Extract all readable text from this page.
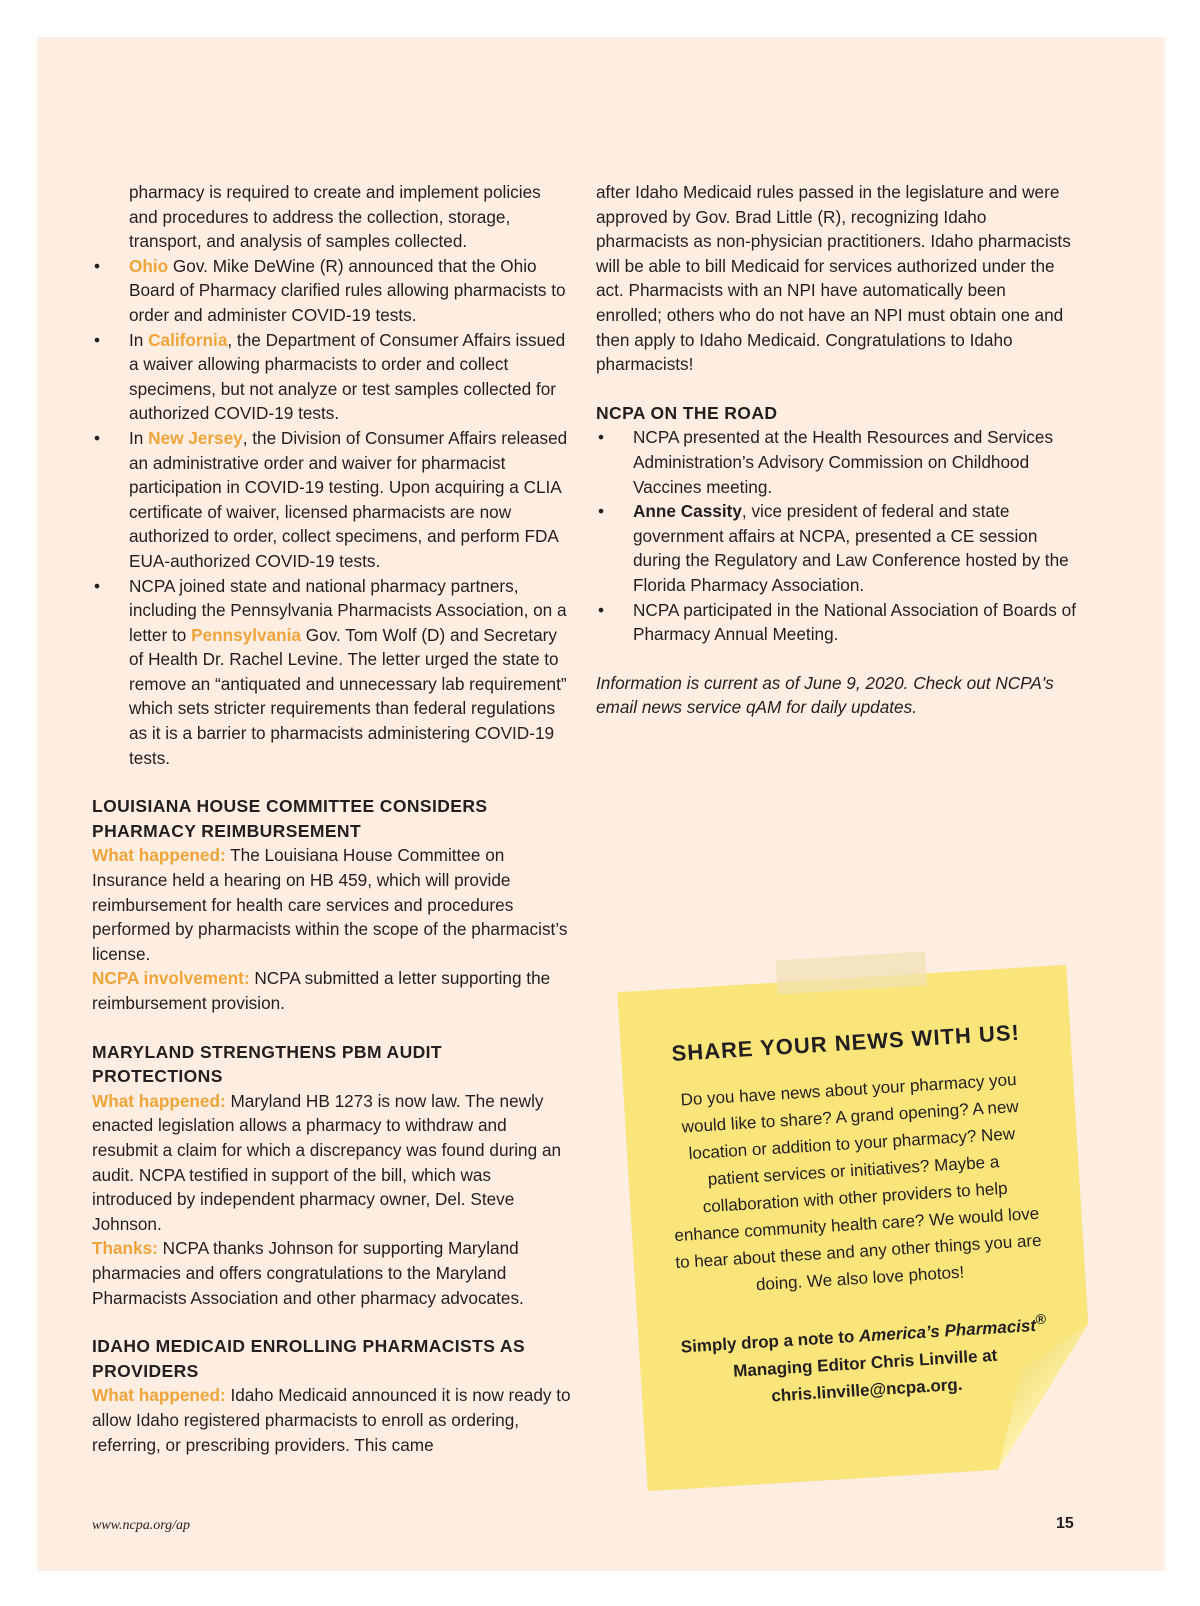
pharmacy is required to create and implement policies and procedures to address the collection, storage, transport, and analysis of samples collected.

• Ohio Gov. Mike DeWine (R) announced that the Ohio Board of Pharmacy clarified rules allowing pharmacists to order and administer COVID-19 tests.
• In California, the Department of Consumer Affairs issued a waiver allowing pharmacists to order and collect specimens, but not analyze or test samples collected for authorized COVID-19 tests.
• In New Jersey, the Division of Consumer Affairs released an administrative order and waiver for pharmacist participation in COVID-19 testing. Upon acquiring a CLIA certificate of waiver, licensed pharmacists are now authorized to order, collect specimens, and perform FDA EUA-authorized COVID-19 tests.
• NCPA joined state and national pharmacy partners, including the Pennsylvania Pharmacists Association, on a letter to Pennsylvania Gov. Tom Wolf (D) and Secretary of Health Dr. Rachel Levine. The letter urged the state to remove an “antiquated and unnecessary lab requirement” which sets stricter requirements than federal regulations as it is a barrier to pharmacists administering COVID-19 tests.
LOUISIANA HOUSE COMMITTEE CONSIDERS PHARMACY REIMBURSEMENT

What happened: The Louisiana House Committee on Insurance held a hearing on HB 459, which will provide reimbursement for health care services and procedures performed by pharmacists within the scope of the pharmacist’s license.

NCPA involvement: NCPA submitted a letter supporting the reimbursement provision.

MARYLAND STRENGTHENS PBM AUDIT PROTECTIONS

What happened: Maryland HB 1273 is now law. The newly enacted legislation allows a pharmacy to withdraw and resubmit a claim for which a discrepancy was found during an audit. NCPA testified in support of the bill, which was introduced by independent pharmacy owner, Del. Steve Johnson.

Thanks: NCPA thanks Johnson for supporting Maryland pharmacies and offers congratulations to the Maryland Pharmacists Association and other pharmacy advocates.

IDAHO MEDICAID ENROLLING PHARMACISTS AS PROVIDERS

What happened: Idaho Medicaid announced it is now ready to allow Idaho registered pharmacists to enroll as ordering, referring, or prescribing providers. This came

after Idaho Medicaid rules passed in the legislature and were approved by Gov. Brad Little (R), recognizing Idaho pharmacists as non-physician practitioners. Idaho pharmacists will be able to bill Medicaid for services authorized under the act. Pharmacists with an NPI have automatically been enrolled; others who do not have an NPI must obtain one and then apply to Idaho Medicaid. Congratulations to Idaho pharmacists!

NCPA ON THE ROAD
• NCPA presented at the Health Resources and Services Administration’s Advisory Commission on Childhood Vaccines meeting.
• Anne Cassity, vice president of federal and state government affairs at NCPA, presented a CE session during the Regulatory and Law Conference hosted by the Florida Pharmacy Association.
• NCPA participated in the National Association of Boards of Pharmacy Annual Meeting.

Information is current as of June 9, 2020. Check out NCPA's email news service qAM for daily updates.

SHARE YOUR NEWS WITH US!
Do you have news about your pharmacy you would like to share? A grand opening? A new location or addition to your pharmacy? New patient services or initiatives? Maybe a collaboration with other providers to help enhance community health care? We would love to hear about these and any other things you are doing. We also love photos!
Simply drop a note to America’s Pharmacist® Managing Editor Chris Linville at chris.linville@ncpa.org.
www.ncpa.org/ap	15
